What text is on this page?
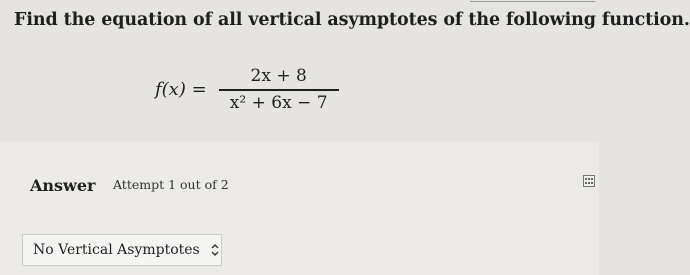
Find the equation of all vertical asymptotes of the following function.
$f(x) = \frac{2x + 8}{\text{x² + 6x − 7}}$
Answer Attempt 1 out of 2
No Vertical Asymptotes
